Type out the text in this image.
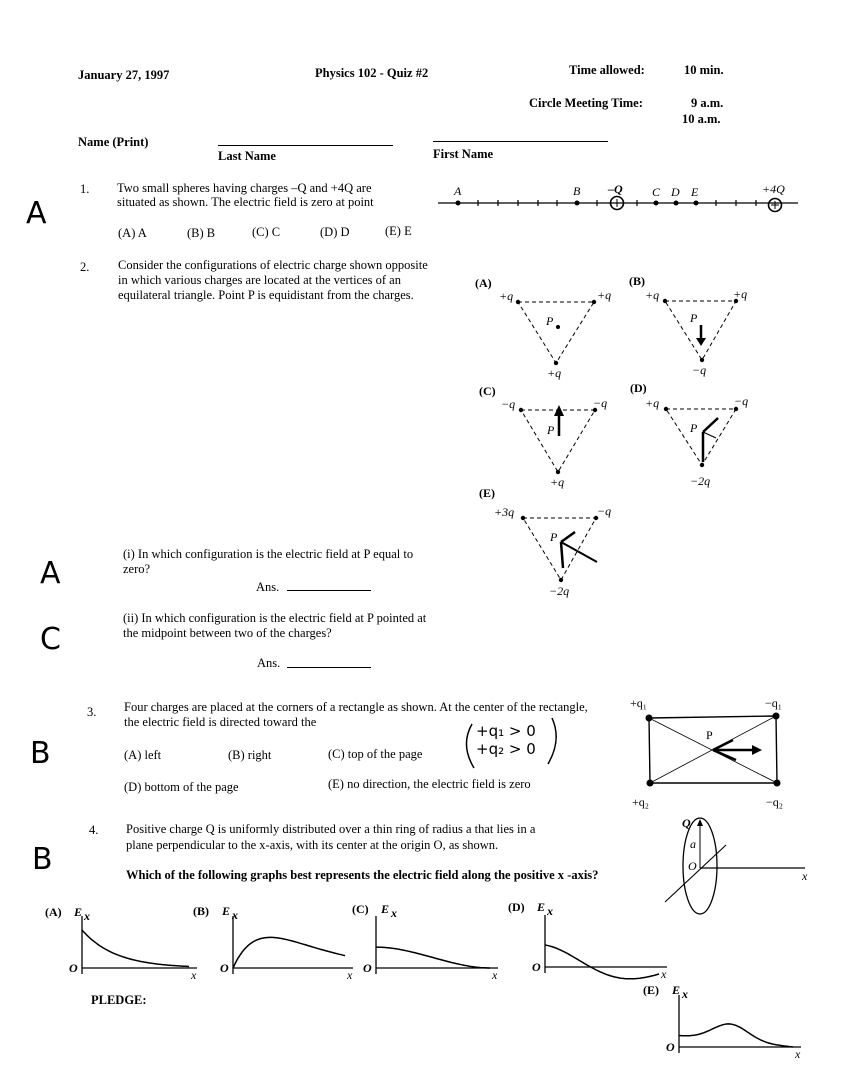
January 27, 1997	Physics 102 - Quiz #2	Time allowed:	10 min.
Circle Meeting Time:	9 a.m.
10 a.m.
Name (Print)
Last Name	First Name
A
1. Two small spheres having charges –Q and +4Q are
situated as shown. The electric field is zero at point
(A) A	(B) B	(C) C	(D) D	(E) E
A	B –Q C D E	+4Q
2. Consider the configurations of electric charge shown opposite in which various charges are located at the vertices of an equilateral triangle. Point P is equidistant from the charges.
(A)
+q	+q
+q
P
(B)
+q	+q
−q
P
(C)
−q	−q
+q
P
(D)
+q	−q
−2q
P
(E)
+3q	−q
−2q
P
A
(i) In which configuration is the electric field at P equal to zero?
Ans.
C
(ii) In which configuration is the electric field at P pointed at the midpoint between two of the charges?
Ans.
B
3. Four charges are placed at the corners of a rectangle as shown. At the center of the rectangle, the electric field is directed toward the
(A) left	(B) right	(C) top of the page
(D) bottom of the page	(E) no direction, the electric field is zero
+q₁ > 0
+q₂ > 0
+q₁	−q₁
+q₂	−q₂
P
B
4. Positive charge Q is uniformly distributed over a thin ring of radius a that lies in a
plane perpendicular to the x-axis, with its center at the origin O, as shown.
Which of the following graphs best represents the electric field along the positive x -axis?
Q
a
O
x
(A) E x
O	x
(B) E x
O	x
(C) E x
O	x
(D) E x
O	x
(E) E x
O	x
PLEDGE:
